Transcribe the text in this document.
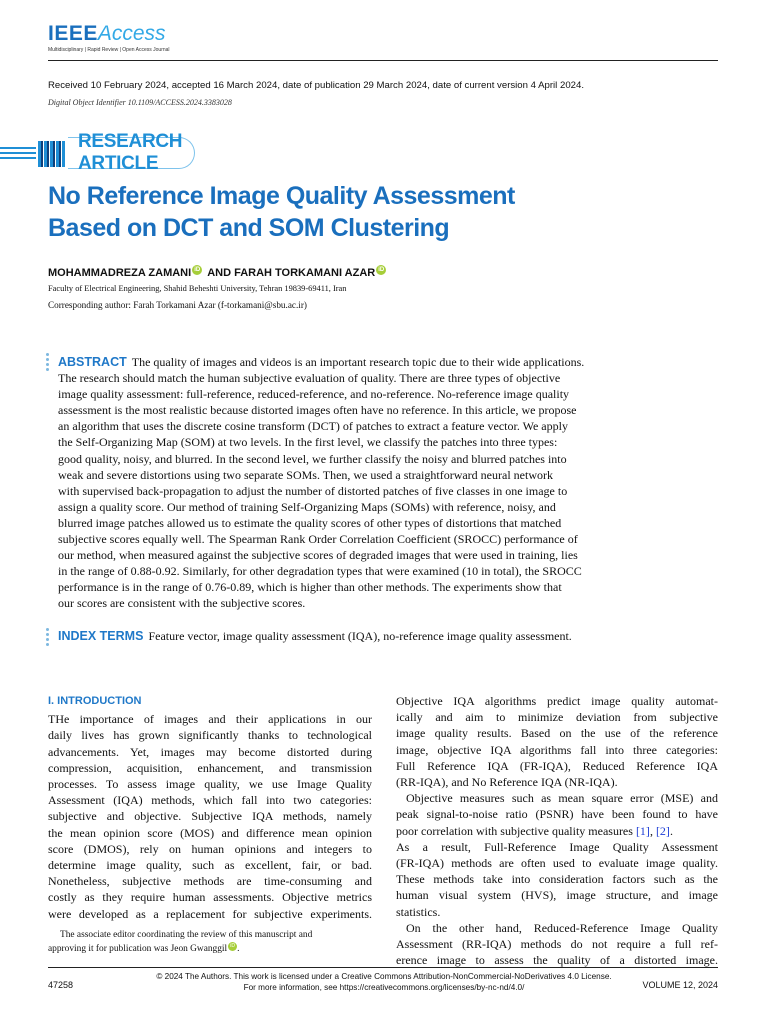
IEEEAccess
Multidisciplinary | Rapid Review | Open Access Journal
Received 10 February 2024, accepted 16 March 2024, date of publication 29 March 2024, date of current version 4 April 2024.
Digital Object Identifier 10.1109/ACCESS.2024.3383028
RESEARCH ARTICLE
No Reference Image Quality Assessment
Based on DCT and SOM Clustering
MOHAMMADREZA ZAMANI iD AND FARAH TORKAMANI AZAR iD
Faculty of Electrical Engineering, Shahid Beheshti University, Tehran 19839-69411, Iran
Corresponding author: Farah Torkamani Azar (f-torkamani@sbu.ac.ir)
ABSTRACT The quality of images and videos is an important research topic due to their wide applications.
The research should match the human subjective evaluation of quality. There are three types of objective
image quality assessment: full-reference, reduced-reference, and no-reference. No-reference image quality
assessment is the most realistic because distorted images often have no reference. In this article, we propose
an algorithm that uses the discrete cosine transform (DCT) of patches to extract a feature vector. We apply
the Self-Organizing Map (SOM) at two levels. In the first level, we classify the patches into three types:
good quality, noisy, and blurred. In the second level, we further classify the noisy and blurred patches into
weak and severe distortions using two separate SOMs. Then, we used a straightforward neural network
with supervised back-propagation to adjust the number of distorted patches of five classes in one image to
assign a quality score. Our method of training Self-Organizing Maps (SOMs) with reference, noisy, and
blurred image patches allowed us to estimate the quality scores of other types of distortions that matched
subjective scores equally well. The Spearman Rank Order Correlation Coefficient (SROCC) performance of
our method, when measured against the subjective scores of degraded images that were used in training, lies
in the range of 0.88-0.92. Similarly, for other degradation types that were examined (10 in total), the SROCC
performance is in the range of 0.76-0.89, which is higher than other methods. The experiments show that
our scores are consistent with the subjective scores.
INDEX TERMS Feature vector, image quality assessment (IQA), no-reference image quality assessment.
I. INTRODUCTION
THe importance of images and their applications in our
daily lives has grown significantly thanks to technological
advancements. Yet, images may become distorted during
compression, acquisition, enhancement, and transmission
processes. To assess image quality, we use Image Quality
Assessment (IQA) methods, which fall into two categories:
subjective and objective. Subjective IQA methods, namely
the mean opinion score (MOS) and difference mean opinion
score (DMOS), rely on human opinions and integers to
determine image quality, such as excellent, fair, or bad.
Nonetheless, subjective methods are time-consuming and
costly as they require human assessments. Objective metrics
were developed as a replacement for subjective experiments.
Objective IQA algorithms predict image quality automat-
ically and aim to minimize deviation from subjective
image quality results. Based on the use of the reference
image, objective IQA algorithms fall into three categories:
Full Reference IQA (FR-IQA), Reduced Reference IQA
(RR-IQA), and No Reference IQA (NR-IQA).
Objective measures such as mean square error (MSE) and
peak signal-to-noise ratio (PSNR) have been found to have
poor correlation with subjective quality measures [1], [2].
As a result, Full-Reference Image Quality Assessment
(FR-IQA) methods are often used to evaluate image quality.
These methods take into consideration factors such as the
human visual system (HVS), image structure, and image
statistics.
On the other hand, Reduced-Reference Image Quality
Assessment (RR-IQA) methods do not require a full ref-
erence image to assess the quality of a distorted image.
The associate editor coordinating the review of this manuscript and
approving it for publication was Jeon Gwanggil iD .
© 2024 The Authors. This work is licensed under a Creative Commons Attribution-NonCommercial-NoDerivatives 4.0 License.
For more information, see https://creativecommons.org/licenses/by-nc-nd/4.0/
47258	VOLUME 12, 2024
